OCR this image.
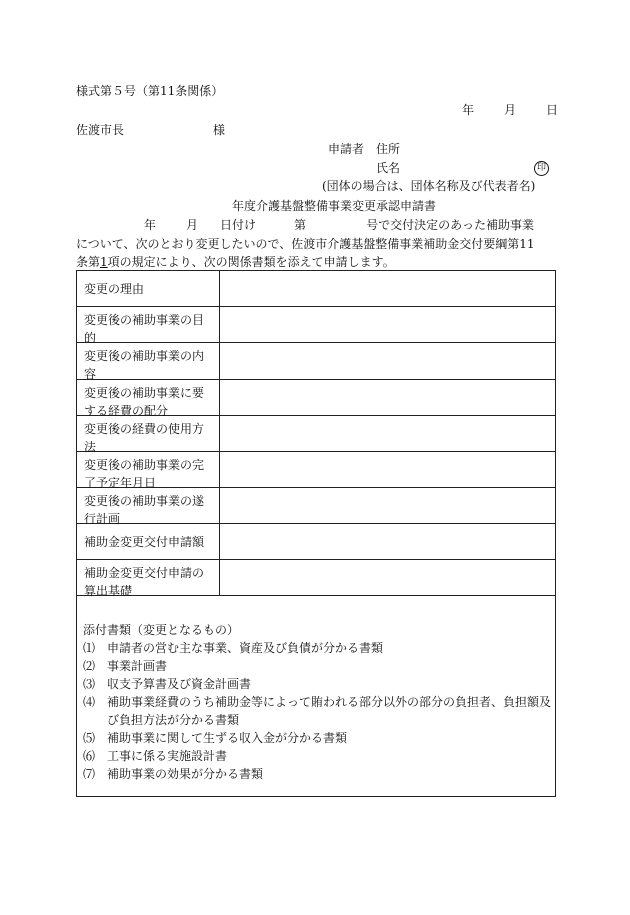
様式第５号（第11条関係）
年	月	日
佐渡市長	様
申請者 住所
氏名	印
(団体の場合は、団体名称及び代表者名)
年度介護基盤整備事業変更承認申請書
年	月 日付け	第	号で交付決定のあった補助事業
について、次のとおり変更したいので、佐渡市介護基盤整備事業補助金交付要綱第11
条第1項の規定により、次の関係書類を添えて申請します。
変更の理由
変更後の補助事業の目的
変更後の補助事業の内容
変更後の補助事業に要する経費の配分
変更後の経費の使用方法
変更後の補助事業の完了予定年月日
変更後の補助事業の遂行計画
補助金変更交付申請額
補助金変更交付申請の算出基礎
添付書類（変更となるもの）
⑴ 申請者の営む主な事業、資産及び負債が分かる書類
⑵ 事業計画書
⑶ 収支予算書及び資金計画書
⑷ 補助事業経費のうち補助金等によって賄われる部分以外の部分の負担者、負担額及び負担方法が分かる書類
⑸ 補助事業に関して生ずる収入金が分かる書類
⑹ 工事に係る実施設計書
⑺ 補助事業の効果が分かる書類
